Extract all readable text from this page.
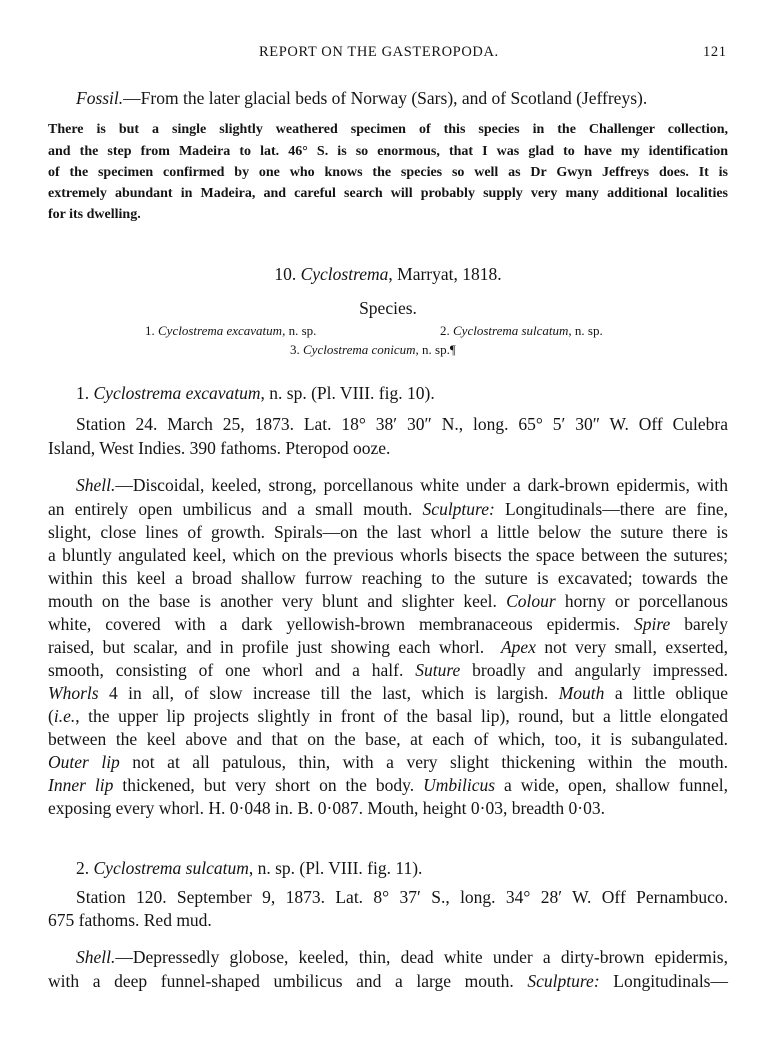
REPORT ON THE GASTEROPODA.	121
Fossil.—From the later glacial beds of Norway (Sars), and of Scotland (Jeffreys).
There is but a single slightly weathered specimen of this species in the Challenger collection,
and the step from Madeira to lat. 46° S. is so enormous, that I was glad to have my identification
of the specimen confirmed by one who knows the species so well as Dr Gwyn Jeffreys does. It is
extremely abundant in Madeira, and careful search will probably supply very many additional localities
for its dwelling.
10. Cyclostrema, Marryat, 1818.
Species.
1. Cyclostrema excavatum, n. sp.	2. Cyclostrema sulcatum, n. sp.
3. Cyclostrema conicum, n. sp.¶
1. Cyclostrema excavatum, n. sp. (Pl. VIII. fig. 10).
Station 24. March 25, 1873. Lat. 18° 38′ 30″ N., long. 65° 5′ 30″ W. Off Culebra
Island, West Indies. 390 fathoms. Pteropod ooze.
Shell.—Discoidal, keeled, strong, porcellanous white under a dark-brown epidermis, with
an entirely open umbilicus and a small mouth. Sculpture: Longitudinals—there are fine,
slight, close lines of growth. Spirals—on the last whorl a little below the suture there is
a bluntly angulated keel, which on the previous whorls bisects the space between the sutures;
within this keel a broad shallow furrow reaching to the suture is excavated; towards the
mouth on the base is another very blunt and slighter keel. Colour horny or porcellanous
white, covered with a dark yellowish-brown membranaceous epidermis. Spire barely
raised, but scalar, and in profile just showing each whorl. Apex not very small, exserted,
smooth, consisting of one whorl and a half. Suture broadly and angularly impressed.
Whorls 4 in all, of slow increase till the last, which is largish. Mouth a little oblique
(i.e., the upper lip projects slightly in front of the basal lip), round, but a little elongated
between the keel above and that on the base, at each of which, too, it is subangulated.
Outer lip not at all patulous, thin, with a very slight thickening within the mouth.
Inner lip thickened, but very short on the body. Umbilicus a wide, open, shallow funnel,
exposing every whorl. H. 0·048 in. B. 0·087. Mouth, height 0·03, breadth 0·03.
2. Cyclostrema sulcatum, n. sp. (Pl. VIII. fig. 11).
Station 120. September 9, 1873. Lat. 8° 37′ S., long. 34° 28′ W. Off Pernambuco.
675 fathoms. Red mud.
Shell.—Depressedly globose, keeled, thin, dead white under a dirty-brown epidermis,
with a deep funnel-shaped umbilicus and a large mouth. Sculpture: Longitudinals—
